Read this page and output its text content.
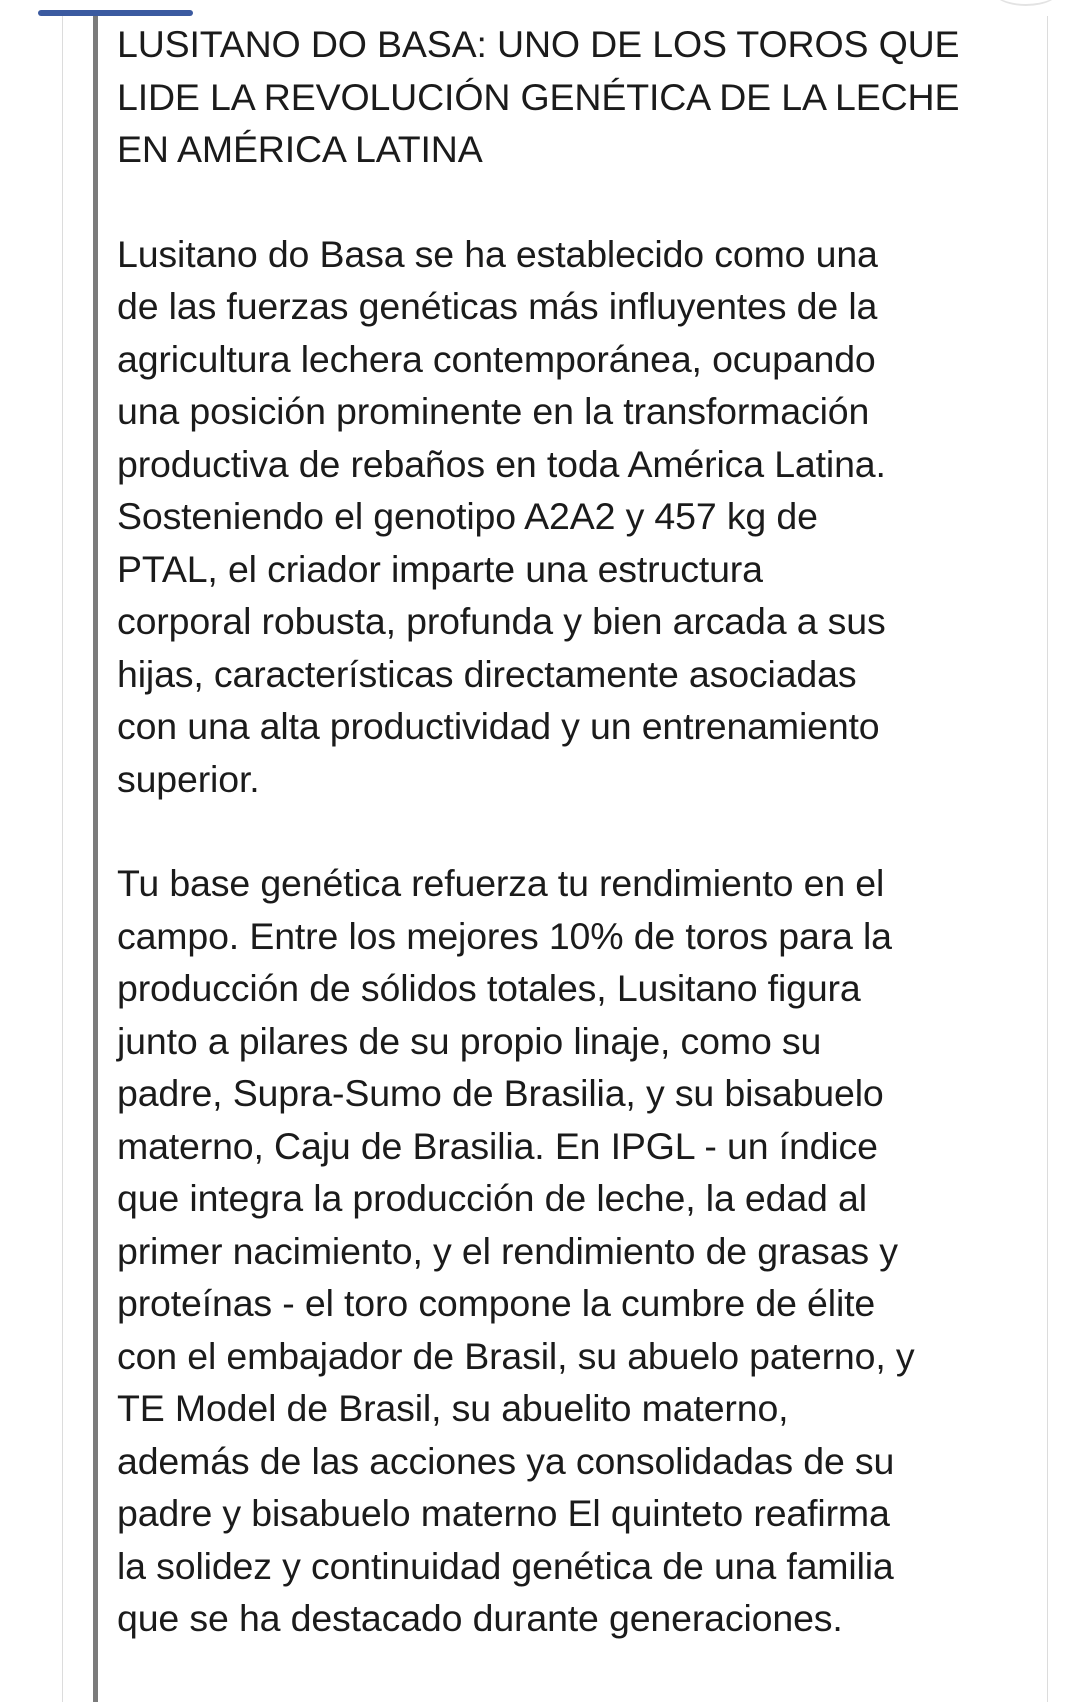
LUSITANO DO BASA: UNO DE LOS TOROS QUE
LIDE LA REVOLUCIÓN GENÉTICA DE LA LECHE
EN AMÉRICA LATINA

Lusitano do Basa se ha establecido como una
de las fuerzas genéticas más influyentes de la
agricultura lechera contemporánea, ocupando
una posición prominente en la transformación
productiva de rebaños en toda América Latina.
Sosteniendo el genotipo A2A2 y 457 kg de
PTAL, el criador imparte una estructura
corporal robusta, profunda y bien arcada a sus
hijas, características directamente asociadas
con una alta productividad y un entrenamiento
superior.

Tu base genética refuerza tu rendimiento en el
campo. Entre los mejores 10% de toros para la
producción de sólidos totales, Lusitano figura
junto a pilares de su propio linaje, como su
padre, Supra-Sumo de Brasilia, y su bisabuelo
materno, Caju de Brasilia. En IPGL - un índice
que integra la producción de leche, la edad al
primer nacimiento, y el rendimiento de grasas y
proteínas - el toro compone la cumbre de élite
con el embajador de Brasil, su abuelo paterno, y
TE Model de Brasil, su abuelito materno,
además de las acciones ya consolidadas de su
padre y bisabuelo materno El quinteto reafirma
la solidez y continuidad genética de una familia
que se ha destacado durante generaciones.
